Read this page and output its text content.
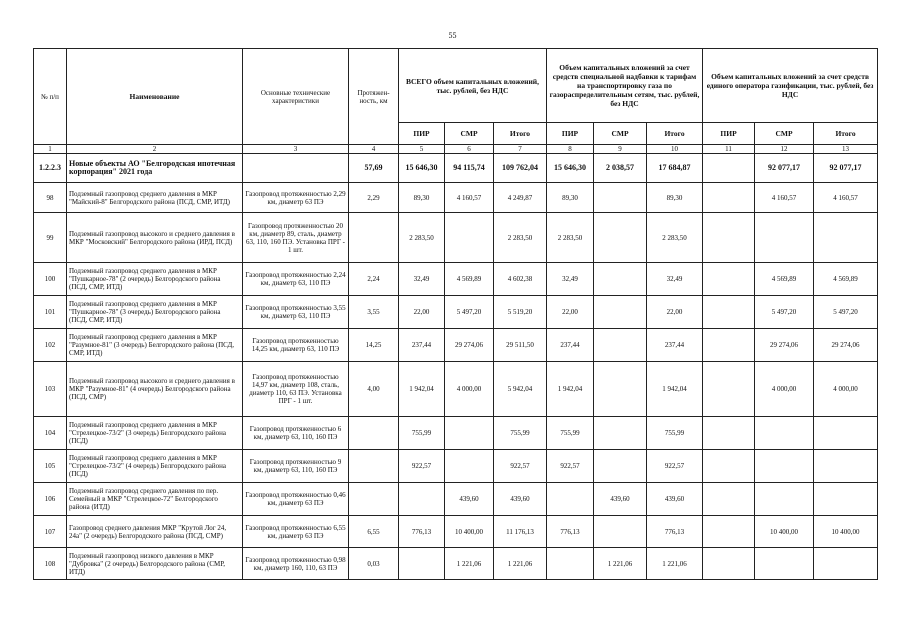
55
№ п/п	Наименование	Основные технические характеристики	Протяжен-ность, км	ВСЕГО объем капитальных вложений, тыс. рублей, без НДС			Объем капитальных вложений за счет средств специальной надбавки к тарифам на транспортировку газа по газораспределительным сетям, тыс. рублей, без НДС			Объем капитальных вложений за счет средств единого оператора газификации, тыс. рублей, без НДС		
				ПИР	СМР	Итого	ПИР	СМР	Итого	ПИР	СМР	Итого
1	2	3	4	5	6	7	8	9	10	11	12	13
1.2.2.3	Новые объекты АО "Белгородская ипотечная корпорация" 2021 года		57,69	15 646,30	94 115,74	109 762,04	15 646,30	2 038,57	17 684,87		92 077,17	92 077,17
98	Подземный газопровод среднего давления в МКР "Майский-8" Белгородского района (ПСД, СМР, ИТД)	Газопровод протяженностью 2,29 км, диаметр 63 ПЭ	2,29	89,30	4 160,57	4 249,87	89,30		89,30		4 160,57	4 160,57
99	Подземный газопровод высокого и среднего давления в МКР "Московский" Белгородского района (ИРД, ПСД)	Газопровод протяженностью 20 км, диаметр 89, сталь, диаметр 63, 110, 160 ПЭ. Установка ПРГ - 1 шт.		2 283,50		2 283,50	2 283,50		2 283,50			
100	Подземный газопровод среднего давления в МКР "Пушкарное-78" (2 очередь) Белгородского района (ПСД, СМР, ИТД)	Газопровод протяженностью 2,24 км, диаметр 63, 110 ПЭ	2,24	32,49	4 569,89	4 602,38	32,49		32,49		4 569,89	4 569,89
101	Подземный газопровод среднего давления в МКР "Пушкарное-78" (3 очередь) Белгородского района (ПСД, СМР, ИТД)	Газопровод протяженностью 3,55 км, диаметр 63, 110 ПЭ	3,55	22,00	5 497,20	5 519,20	22,00		22,00		5 497,20	5 497,20
102	Подземный газопровод среднего давления в МКР "Разумное-81" (3 очередь) Белгородского района (ПСД, СМР, ИТД)	Газопровод протяженностью 14,25 км, диаметр 63, 110 ПЭ	14,25	237,44	29 274,06	29 511,50	237,44		237,44		29 274,06	29 274,06
103	Подземный газопровод высокого и среднего давления в МКР "Разумное-81" (4 очередь) Белгородского района (ПСД, СМР)	Газопровод протяженностью 14,97 км, диаметр 108, сталь, диаметр 110, 63 ПЭ. Установка ПРГ - 1 шт.	4,00	1 942,04	4 000,00	5 942,04	1 942,04		1 942,04		4 000,00	4 000,00
104	Подземный газопровод среднего давления в МКР "Стрелецкое-73/2" (3 очередь) Белгородского района (ПСД)	Газопровод протяженностью 6 км, диаметр 63, 110, 160 ПЭ		755,99		755,99	755,99		755,99			
105	Подземный газопровод среднего давления в МКР "Стрелецкое-73/2" (4 очередь) Белгородского района (ПСД)	Газопровод протяженностью 9 км, диаметр 63, 110, 160 ПЭ		922,57		922,57	922,57		922,57			
106	Подземный газопровод среднего давления по пер. Семейный в МКР "Стрелецкое-72" Белгородского района (ИТД)	Газопровод протяженностью 0,46 км, диаметр 63 ПЭ			439,60	439,60		439,60	439,60			
107	Газопровод среднего давления МКР "Крутой Лог 24, 24а" (2 очередь) Белгородского района (ПСД, СМР)	Газопровод протяженностью 6,55 км, диаметр 63 ПЭ	6,55	776,13	10 400,00	11 176,13	776,13		776,13		10 400,00	10 400,00
108	Подземный газопровод низкого давления в МКР "Дубровка" (2 очередь) Белгородского района (СМР, ИТД)	Газопровод протяженностью 0,98 км, диаметр 160, 110, 63 ПЭ	0,03		1 221,06	1 221,06		1 221,06	1 221,06			
